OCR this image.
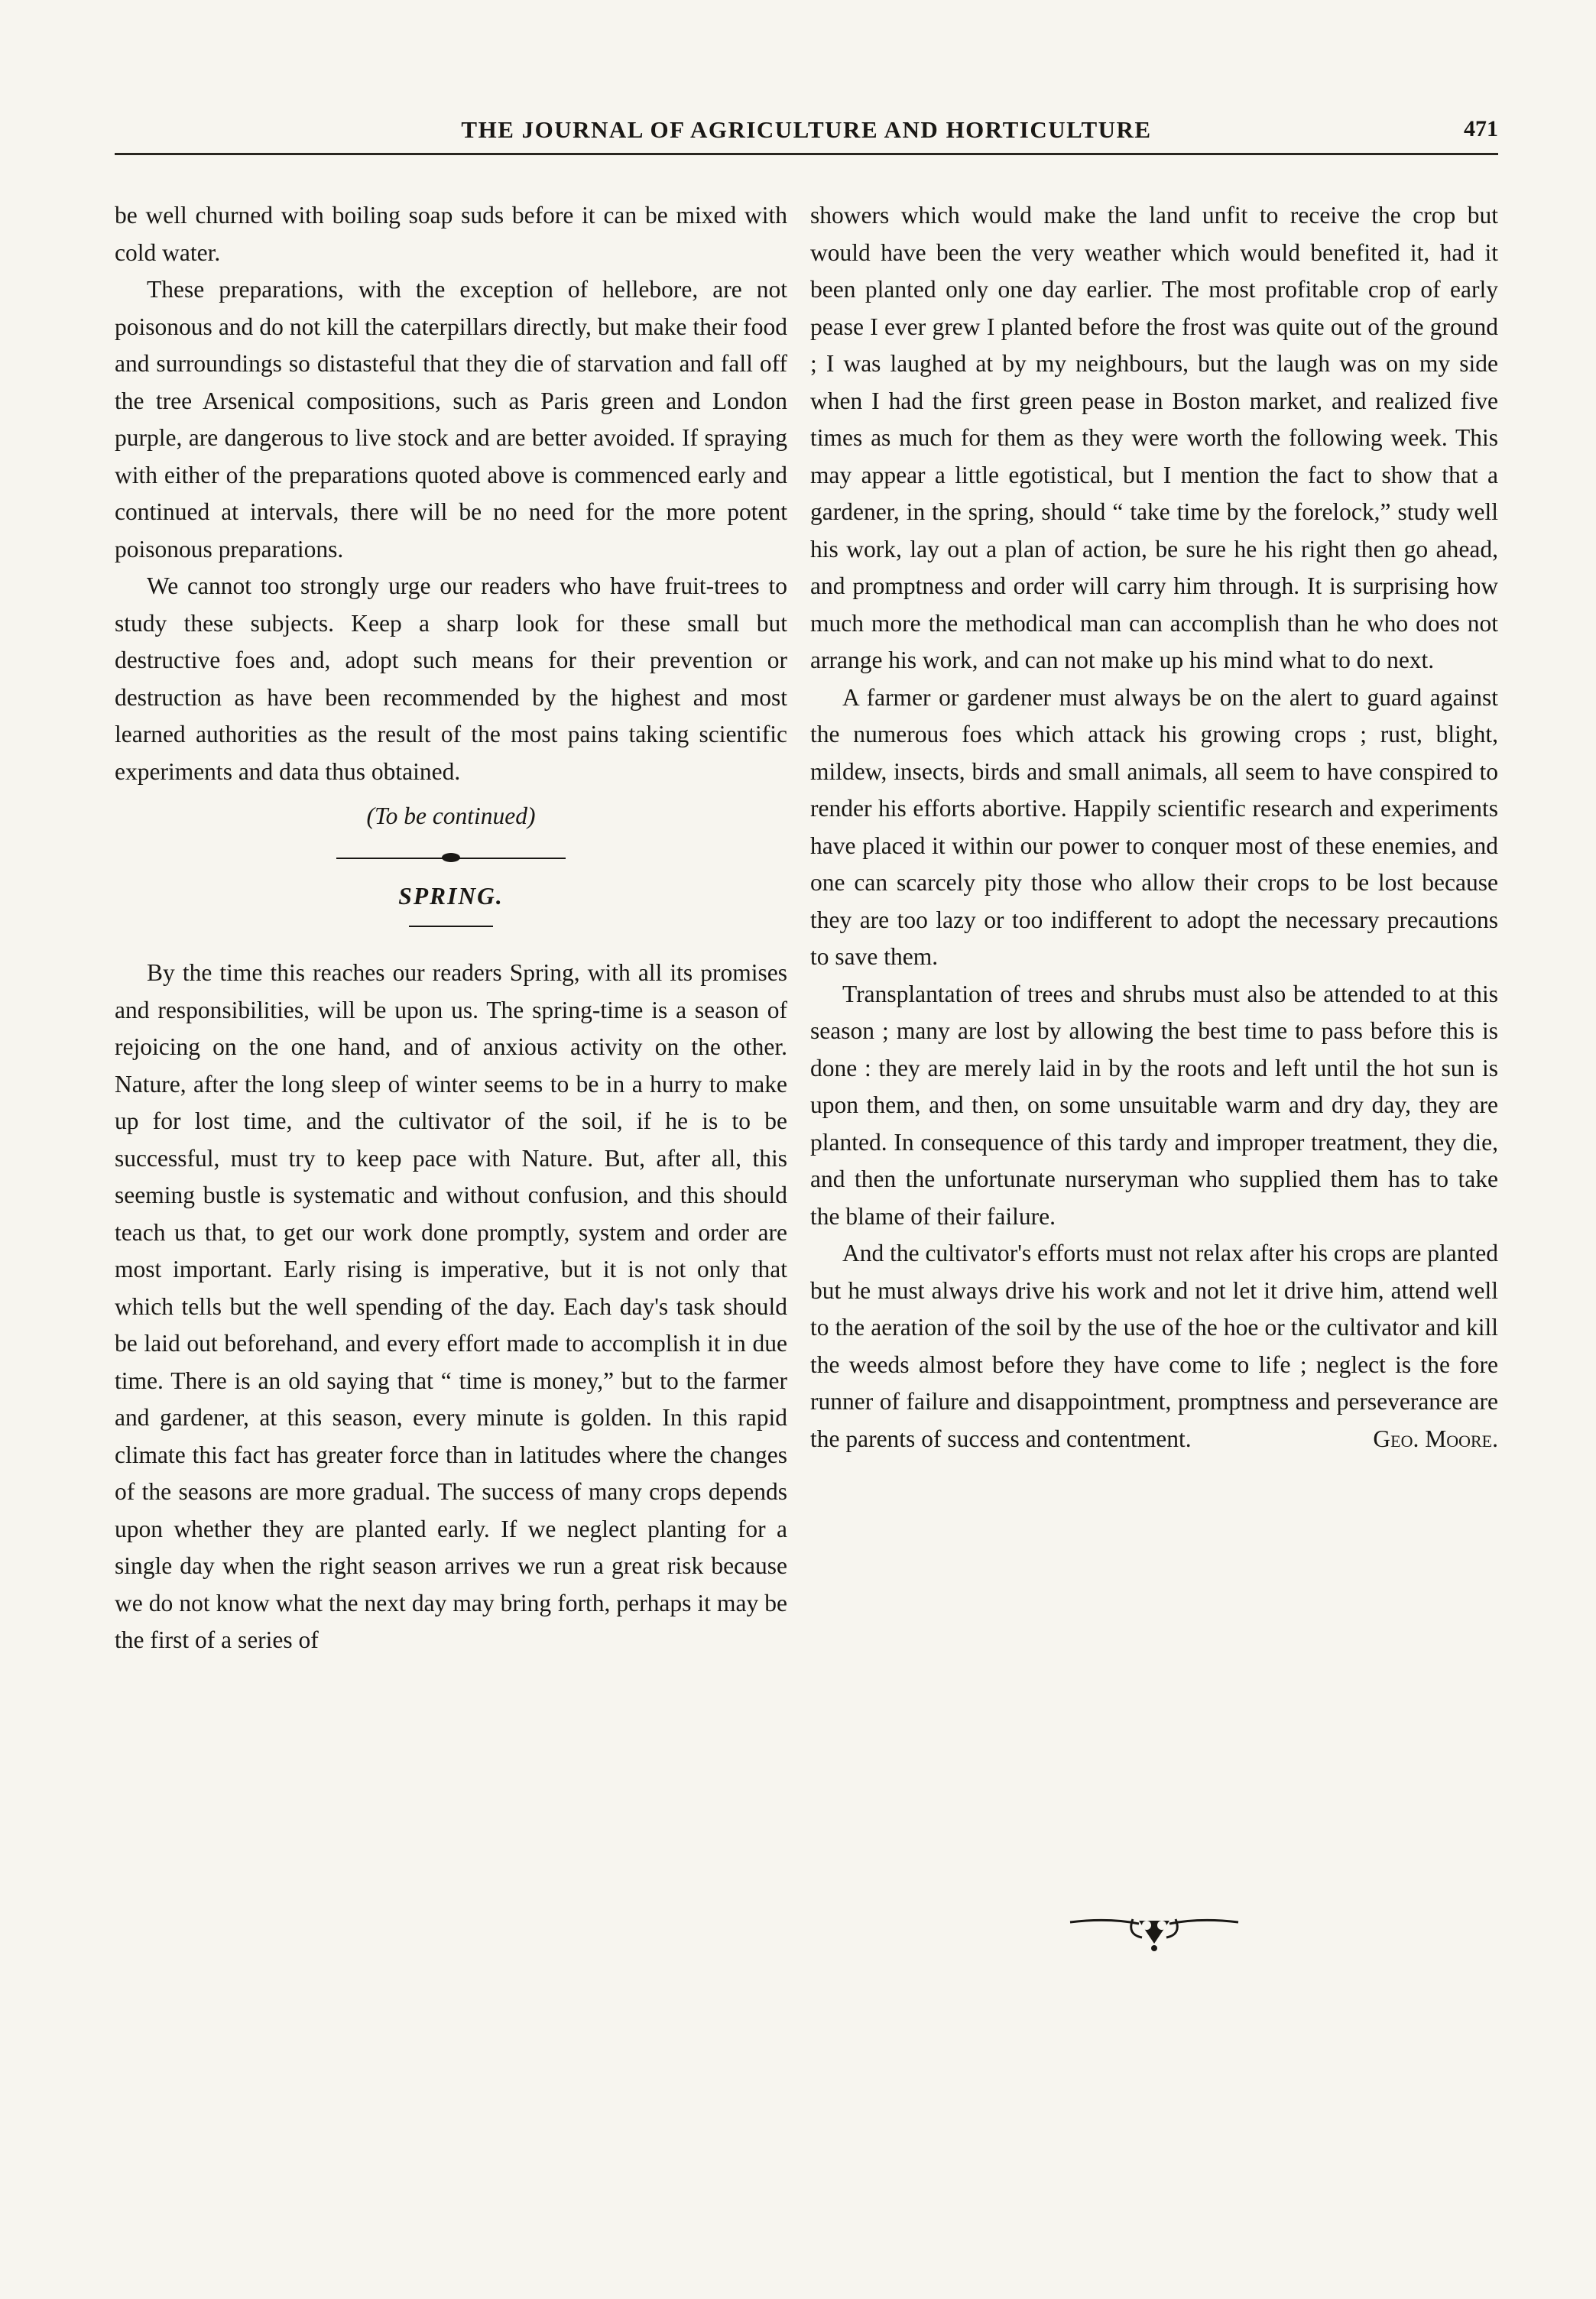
THE JOURNAL OF AGRICULTURE AND HORTICULTURE	471

be well churned with boiling soap suds before it can be mixed with cold water.

These preparations, with the exception of hellebore, are not poisonous and do not kill the caterpillars directly, but make their food and surroundings so distasteful that they die of starvation and fall off the tree Arsenical compositions, such as Paris green and London purple, are dangerous to live stock and are better avoided. If spraying with either of the preparations quoted above is commenced early and continued at intervals, there will be no need for the more potent poisonous preparations.

We cannot too strongly urge our readers who have fruit-trees to study these subjects. Keep a sharp look for these small but destructive foes and, adopt such means for their prevention or destruction as have been recommended by the highest and most learned authorities as the result of the most pains taking scientific experiments and data thus obtained.

(To be continued)
SPRING.

By the time this reaches our readers Spring, with all its promises and responsibilities, will be upon us. The spring-time is a season of rejoicing on the one hand, and of anxious activity on the other. Nature, after the long sleep of winter seems to be in a hurry to make up for lost time, and the cultivator of the soil, if he is to be successful, must try to keep pace with Nature. But, after all, this seeming bustle is systematic and without confusion, and this should teach us that, to get our work done promptly, system and order are most important. Early rising is imperative, but it is not only that which tells but the well spending of the day. Each day's task should be laid out beforehand, and every effort made to accomplish it in due time. There is an old saying that “ time is money,” but to the farmer and gardener, at this season, every minute is golden. In this rapid climate this fact has greater force than in latitudes where the changes of the seasons are more gradual. The success of many crops depends upon whether they are planted early. If we neglect planting for a single day when the right season arrives we run a great risk because we do not know what the next day may bring forth, perhaps it may be the first of a series of

showers which would make the land unfit to receive the crop but would have been the very weather which would benefited it, had it been planted only one day earlier. The most profitable crop of early pease I ever grew I planted before the frost was quite out of the ground ; I was laughed at by my neighbours, but the laugh was on my side when I had the first green pease in Boston market, and realized five times as much for them as they were worth the following week. This may appear a little egotistical, but I mention the fact to show that a gardener, in the spring, should “ take time by the forelock,” study well his work, lay out a plan of action, be sure he his right then go ahead, and promptness and order will carry him through. It is surprising how much more the methodical man can accomplish than he who does not arrange his work, and can not make up his mind what to do next.

A farmer or gardener must always be on the alert to guard against the numerous foes which attack his growing crops ; rust, blight, mildew, insects, birds and small animals, all seem to have conspired to render his efforts abortive. Happily scientific research and experiments have placed it within our power to conquer most of these enemies, and one can scarcely pity those who allow their crops to be lost because they are too lazy or too indifferent to adopt the necessary precautions to save them.

Transplantation of trees and shrubs must also be attended to at this season ; many are lost by allowing the best time to pass before this is done : they are merely laid in by the roots and left until the hot sun is upon them, and then, on some unsuitable warm and dry day, they are planted. In consequence of this tardy and improper treatment, they die, and then the unfortunate nurseryman who supplied them has to take the blame of their failure.

And the cultivator's efforts must not relax after his crops are planted but he must always drive his work and not let it drive him, attend well to the aeration of the soil by the use of the hoe or the cultivator and kill the weeds almost before they have come to life ; neglect is the fore runner of failure and disappointment, promptness and perseverance are the parents of success and contentment.	Geo. Moore.
